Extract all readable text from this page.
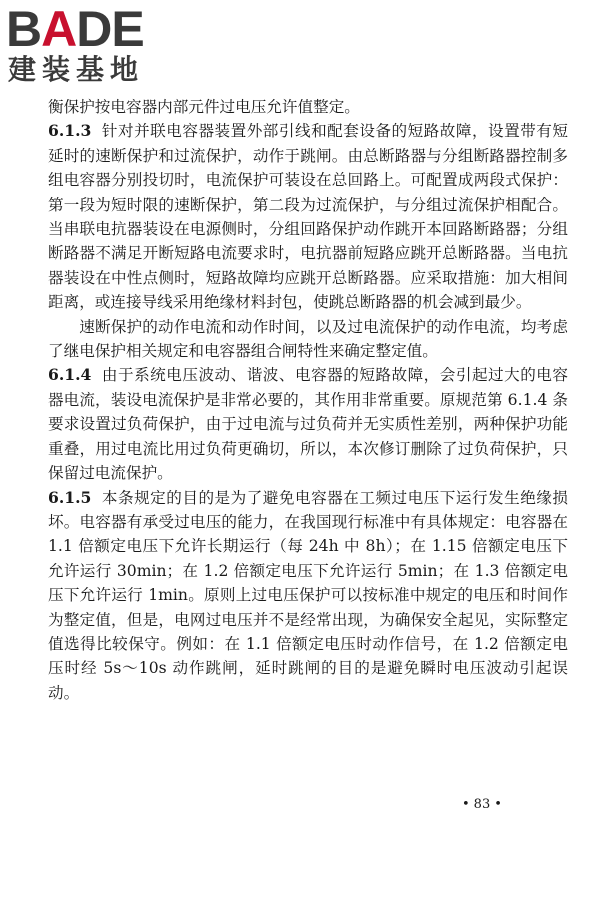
BADE
建装基地

衡保护按电容器内部元件过电压允许值整定。

6.1.3 针对并联电容器装置外部引线和配套设备的短路故障，设置带有短延时的速断保护和过流保护，动作于跳闸。由总断路器与分组断路器控制多组电容器分别投切时，电流保护可装设在总回路上。可配置成两段式保护：第一段为短时限的速断保护，第二段为过流保护，与分组过流保护相配合。当串联电抗器装设在电源侧时，分组回路保护动作跳开本回路断路器；分组断路器不满足开断短路电流要求时，电抗器前短路应跳开总断路器。当电抗器装设在中性点侧时，短路故障均应跳开总断路器。应采取措施：加大相间距离，或连接导线采用绝缘材料封包，使跳总断路器的机会减到最少。

速断保护的动作电流和动作时间，以及过电流保护的动作电流，均考虑了继电保护相关规定和电容器组合闸特性来确定整定值。

6.1.4 由于系统电压波动、谐波、电容器的短路故障，会引起过大的电容器电流，装设电流保护是非常必要的，其作用非常重要。原规范第 6.1.4 条要求设置过负荷保护，由于过电流与过负荷并无实质性差别，两种保护功能重叠，用过电流比用过负荷更确切，所以，本次修订删除了过负荷保护，只保留过电流保护。

6.1.5 本条规定的目的是为了避免电容器在工频过电压下运行发生绝缘损坏。电容器有承受过电压的能力，在我国现行标准中有具体规定：电容器在 1.1 倍额定电压下允许长期运行（每 24h 中 8h）；在 1.15 倍额定电压下允许运行 30min；在 1.2 倍额定电压下允许运行 5min；在 1.3 倍额定电压下允许运行 1min。原则上过电压保护可以按标准中规定的电压和时间作为整定值，但是，电网过电压并不是经常出现，为确保安全起见，实际整定值选得比较保守。例如：在 1.1 倍额定电压时动作信号，在 1.2 倍额定电压时经 5s～10s 动作跳闸，延时跳闸的目的是避免瞬时电压波动引起误动。

• 83 •
